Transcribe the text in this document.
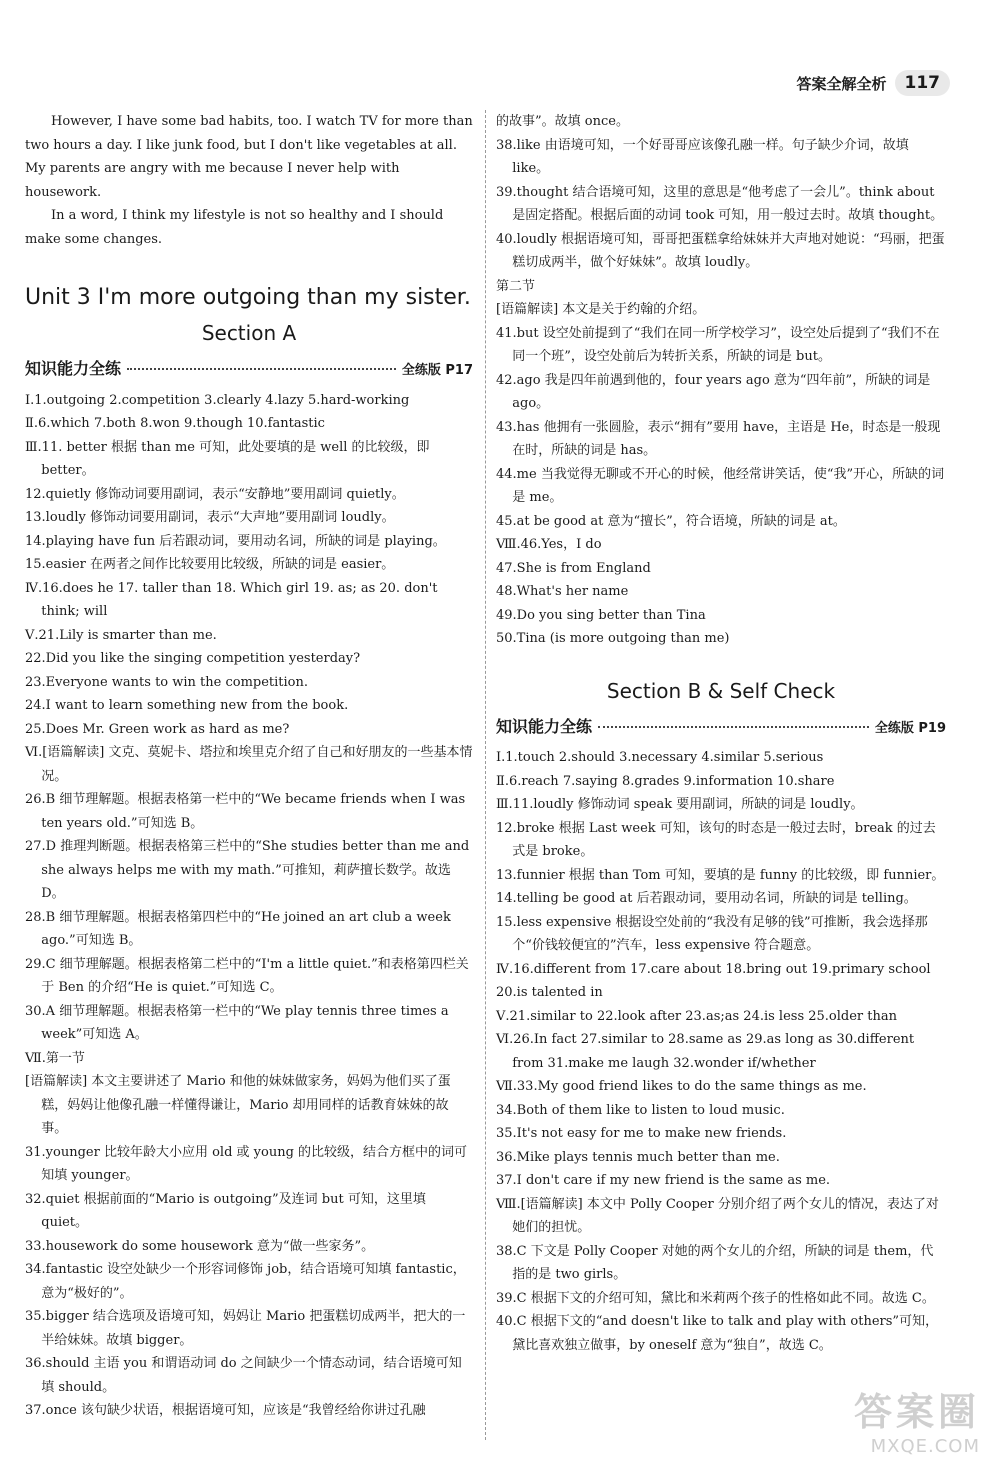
答案全解全析	117

However, I have some bad habits, too. I watch TV for more than two hours a day. I like junk food, but I don't like vegetables at all. My parents are angry with me because I never help with housework.

In a word, I think my lifestyle is not so healthy and I should make some changes.

Unit 3 I'm more outgoing than my sister.
Section A
知识能力全练	全练版 P17

Ⅰ.1.outgoing 2.competition 3.clearly 4.lazy 5.hard-working

Ⅱ.6.which 7.both 8.won 9.though 10.fantastic

Ⅲ.11. better 根据 than me 可知，此处要填的是 well 的比较级，即better。

12.quietly 修饰动词要用副词，表示“安静地”要用副词 quietly。

13.loudly 修饰动词要用副词，表示“大声地”要用副词 loudly。

14.playing have fun 后若跟动词，要用动名词，所缺的词是 playing。

15.easier 在两者之间作比较要用比较级，所缺的词是 easier。

Ⅳ.16.does he 17. taller than 18. Which girl 19. as; as 20. don't think; will

Ⅴ.21.Lily is smarter than me.

22.Did you like the singing competition yesterday?

23.Everyone wants to win the competition.

24.I want to learn something new from the book.

25.Does Mr. Green work as hard as me?

Ⅵ.[语篇解读] 文克、莫妮卡、塔拉和埃里克介绍了自己和好朋友的一些基本情况。

26.B 细节理解题。根据表格第一栏中的“We became friends when I was ten years old.”可知选 B。

27.D 推理判断题。根据表格第三栏中的“She studies better than me and she always helps me with my math.”可推知，莉萨擅长数学。故选 D。

28.B 细节理解题。根据表格第四栏中的“He joined an art club a week ago.”可知选 B。

29.C 细节理解题。根据表格第二栏中的“I'm a little quiet.”和表格第四栏关于 Ben 的介绍“He is quiet.”可知选 C。

30.A 细节理解题。根据表格第一栏中的“We play tennis three times a week”可知选 A。

Ⅶ.第一节

[语篇解读] 本文主要讲述了 Mario 和他的妹妹做家务，妈妈为他们买了蛋糕，妈妈让他像孔融一样懂得谦让，Mario 却用同样的话教育妹妹的故事。

31.younger 比较年龄大小应用 old 或 young 的比较级，结合方框中的词可知填 younger。

32.quiet 根据前面的“Mario is outgoing”及连词 but 可知，这里填 quiet。

33.housework do some housework 意为“做一些家务”。

34.fantastic 设空处缺少一个形容词修饰 job，结合语境可知填 fantastic，意为“极好的”。

35.bigger 结合选项及语境可知，妈妈让 Mario 把蛋糕切成两半，把大的一半给妹妹。故填 bigger。

36.should 主语 you 和谓语动词 do 之间缺少一个情态动词，结合语境可知填 should。

37.once 该句缺少状语，根据语境可知，应该是“我曾经给你讲过孔融

的故事”。故填 once。

38.like 由语境可知，一个好哥哥应该像孔融一样。句子缺少介词，故填 like。

39.thought 结合语境可知，这里的意思是“他考虑了一会儿”。think about 是固定搭配。根据后面的动词 took 可知，用一般过去时。故填 thought。

40.loudly 根据语境可知，哥哥把蛋糕拿给妹妹并大声地对她说：“玛丽，把蛋糕切成两半，做个好妹妹”。故填 loudly。

第二节

[语篇解读] 本文是关于约翰的介绍。

41.but 设空处前提到了“我们在同一所学校学习”，设空处后提到了“我们不在同一个班”，设空处前后为转折关系，所缺的词是 but。

42.ago 我是四年前遇到他的，four years ago 意为“四年前”，所缺的词是 ago。

43.has 他拥有一张圆脸，表示“拥有”要用 have，主语是 He，时态是一般现在时，所缺的词是 has。

44.me 当我觉得无聊或不开心的时候，他经常讲笑话，使“我”开心，所缺的词是 me。

45.at be good at 意为“擅长”，符合语境，所缺的词是 at。

Ⅷ.46.Yes，I do

47.She is from England

48.What's her name

49.Do you sing better than Tina

50.Tina (is more outgoing than me)

Section B & Self Check
知识能力全练	全练版 P19

Ⅰ.1.touch 2.should 3.necessary 4.similar 5.serious

Ⅱ.6.reach 7.saying 8.grades 9.information 10.share

Ⅲ.11.loudly 修饰动词 speak 要用副词，所缺的词是 loudly。

12.broke 根据 Last week 可知，该句的时态是一般过去时，break 的过去式是 broke。

13.funnier 根据 than Tom 可知，要填的是 funny 的比较级，即 funnier。

14.telling be good at 后若跟动词，要用动名词，所缺的词是 telling。

15.less expensive 根据设空处前的“我没有足够的钱”可推断，我会选择那个“价钱较便宜的”汽车，less expensive 符合题意。

Ⅳ.16.different from 17.care about 18.bring out 19.primary school

20.is talented in

Ⅴ.21.similar to 22.look after 23.as;as 24.is less 25.older than

Ⅵ.26.In fact 27.similar to 28.same as 29.as long as 30.different from 31.make me laugh 32.wonder if/whether

Ⅶ.33.My good friend likes to do the same things as me.

34.Both of them like to listen to loud music.

35.It's not easy for me to make new friends.

36.Mike plays tennis much better than me.

37.I don't care if my new friend is the same as me.

Ⅷ.[语篇解读] 本文中 Polly Cooper 分别介绍了两个女儿的情况，表达了对她们的担忧。

38.C 下文是 Polly Cooper 对她的两个女儿的介绍，所缺的词是 them，代指的是 two girls。

39.C 根据下文的介绍可知，黛比和米莉两个孩子的性格如此不同。故选 C。

40.C 根据下文的“and doesn't like to talk and play with others”可知，黛比喜欢独立做事，by oneself 意为“独自”，故选 C。

答案圈
MXQE.COM
